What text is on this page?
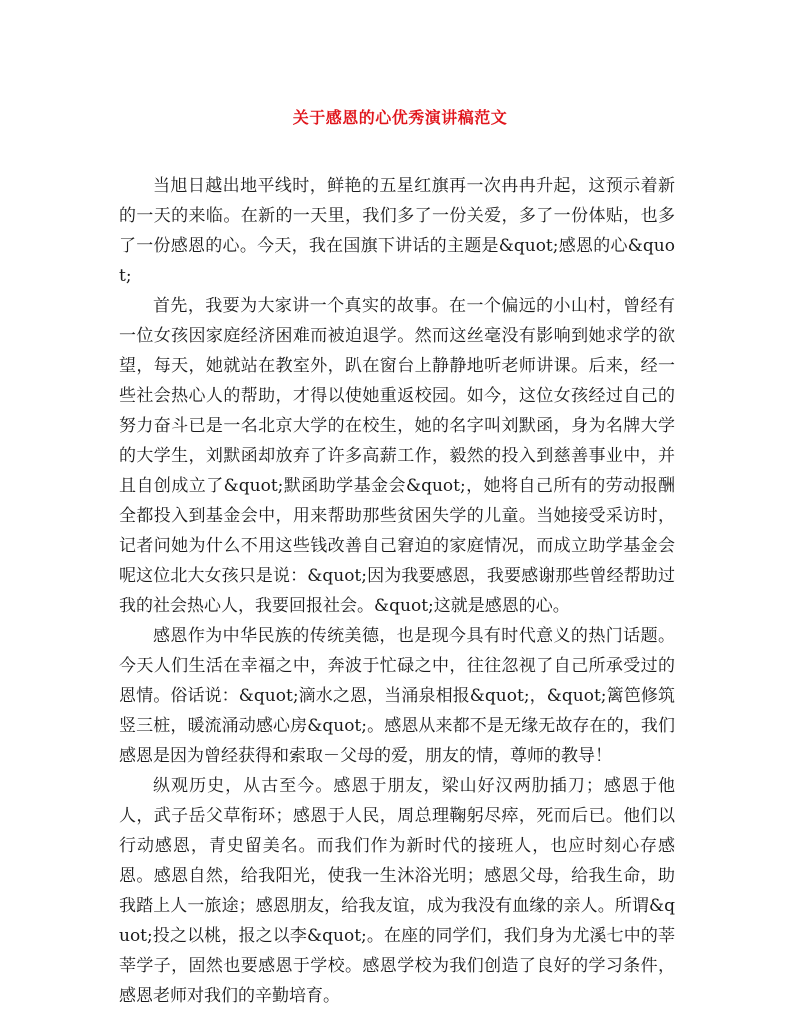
关于感恩的心优秀演讲稿范文

当旭日越出地平线时，鲜艳的五星红旗再一次冉冉升起，这预示着新的一天的来临。在新的一天里，我们多了一份关爱，多了一份体贴，也多了一份感恩的心。今天，我在国旗下讲话的主题是&quot;感恩的心&quot;

首先，我要为大家讲一个真实的故事。在一个偏远的小山村，曾经有一位女孩因家庭经济困难而被迫退学。然而这丝毫没有影响到她求学的欲望，每天，她就站在教室外，趴在窗台上静静地听老师讲课。后来，经一些社会热心人的帮助，才得以使她重返校园。如今，这位女孩经过自己的努力奋斗已是一名北京大学的在校生，她的名字叫刘默函，身为名牌大学的大学生，刘默函却放弃了许多高薪工作，毅然的投入到慈善事业中，并且自创成立了&quot;默函助学基金会&quot;，她将自己所有的劳动报酬全都投入到基金会中，用来帮助那些贫困失学的儿童。当她接受采访时，记者问她为什么不用这些钱改善自己窘迫的家庭情况，而成立助学基金会呢这位北大女孩只是说：&quot;因为我要感恩，我要感谢那些曾经帮助过我的社会热心人，我要回报社会。&quot;这就是感恩的心。

感恩作为中华民族的传统美德，也是现今具有时代意义的热门话题。今天人们生活在幸福之中，奔波于忙碌之中，往往忽视了自己所承受过的恩情。俗话说：&quot;滴水之恩，当涌泉相报&quot;，&quot;篱笆修筑竖三桩，暖流涌动感心房&quot;。感恩从来都不是无缘无故存在的，我们感恩是因为曾经获得和索取－父母的爱，朋友的情，尊师的教导！

纵观历史，从古至今。感恩于朋友，梁山好汉两肋插刀；感恩于他人，武子岳父草衔环；感恩于人民，周总理鞠躬尽瘁，死而后已。他们以行动感恩，青史留美名。而我们作为新时代的接班人，也应时刻心存感恩。感恩自然，给我阳光，使我一生沐浴光明；感恩父母，给我生命，助我踏上人一旅途；感恩朋友，给我友谊，成为我没有血缘的亲人。所谓&quot;投之以桃，报之以李&quot;。在座的同学们，我们身为尤溪七中的莘莘学子，固然也要感恩于学校。感恩学校为我们创造了良好的学习条件，感恩老师对我们的辛勤培育。
